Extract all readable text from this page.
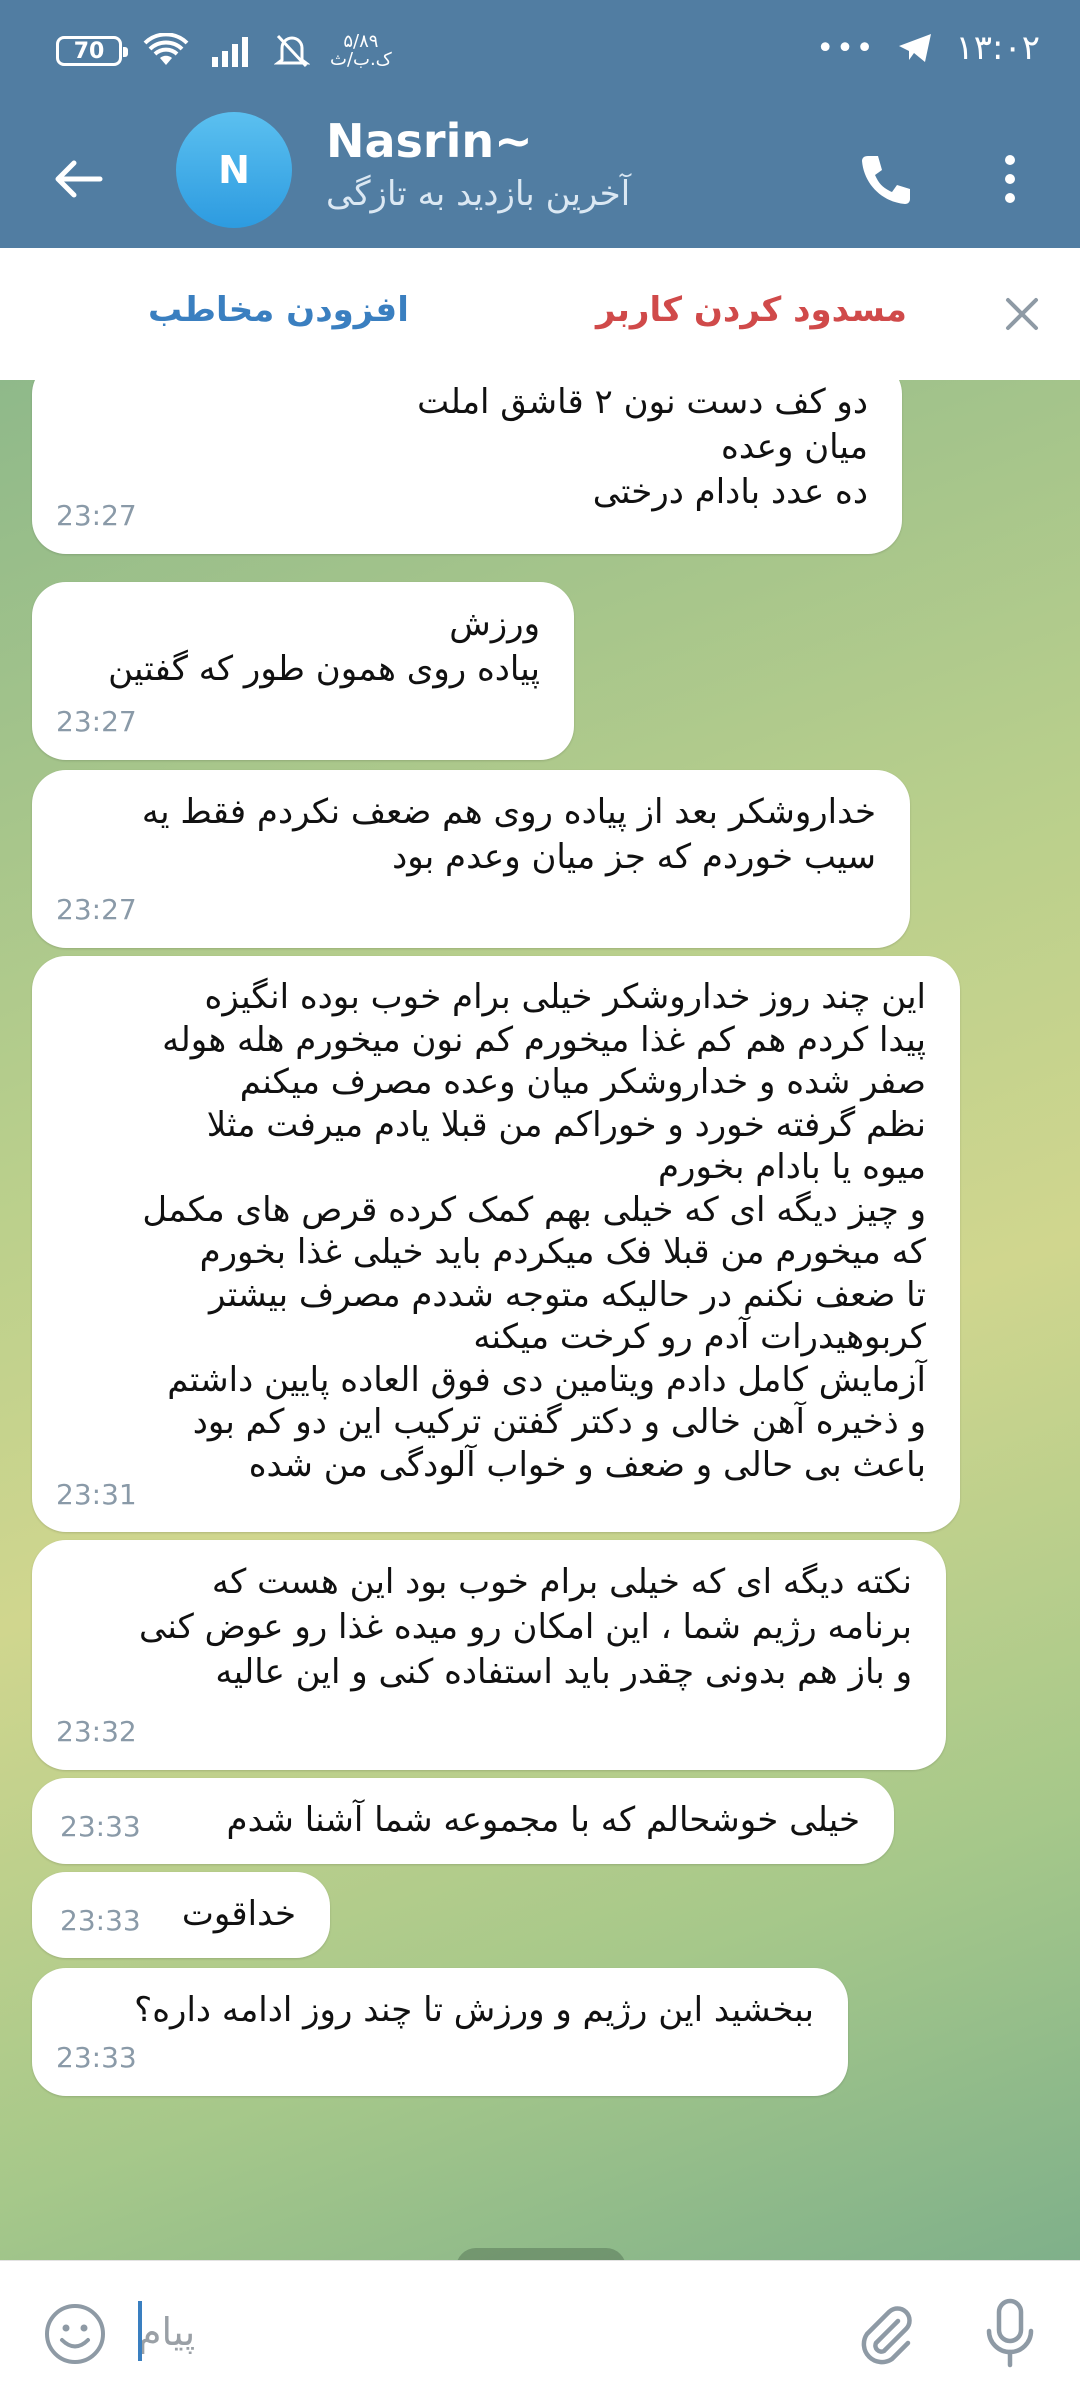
70	۵/۸۹
ک.ب/ث	••• ۱۳:۰۲
N
Nasrin~
آخرین بازدید به تازگی
افزودن مخاطب	مسدود کردن کاربر
دو کف دست نون ۲ قاشق املت
میان وعده
ده عدد بادام درختی
23:27
ورزش
پیاده روی همون طور که گفتین
23:27
خداروشکر بعد از پیاده روی هم ضعف نکردم فقط یه
سیب خوردم که جز میان وعدم بود
23:27
این چند روز خداروشکر خیلی برام خوب بوده انگیزه
پیدا کردم هم کم غذا میخورم کم نون میخورم هله هوله
صفر شده و خداروشکر میان وعده مصرف میکنم
نظم گرفته خورد و خوراکم من قبلا یادم میرفت مثلا
میوه یا بادام بخورم
و چیز دیگه ای که خیلی بهم کمک کرده قرص های مکمل
که میخورم من قبلا فک میکردم باید خیلی غذا بخورم
تا ضعف نکنم در حالیکه متوجه شددم مصرف بیشتر
کربوهیدرات آدم رو کرخت میکنه
آزمایش کامل دادم ویتامین دی فوق العاده پایین داشتم
و ذخیره آهن خالی و دکتر گفتن ترکیب این دو کم بود
باعث بی حالی و ضعف و خواب آلودگی من شده
23:31
نکته دیگه ای که خیلی برام خوب بود این هست که
برنامه رژیم شما ، این امکان رو میده غذا رو عوض کنی
و باز هم بدونی چقدر باید استفاده کنی و این عالیه
23:32
خیلی خوشحالم که با مجموعه شما آشنا شدم
23:33
خداقوت
23:33
ببخشید این رژیم و ورزش تا چند روز ادامه داره؟
23:33
پیام
